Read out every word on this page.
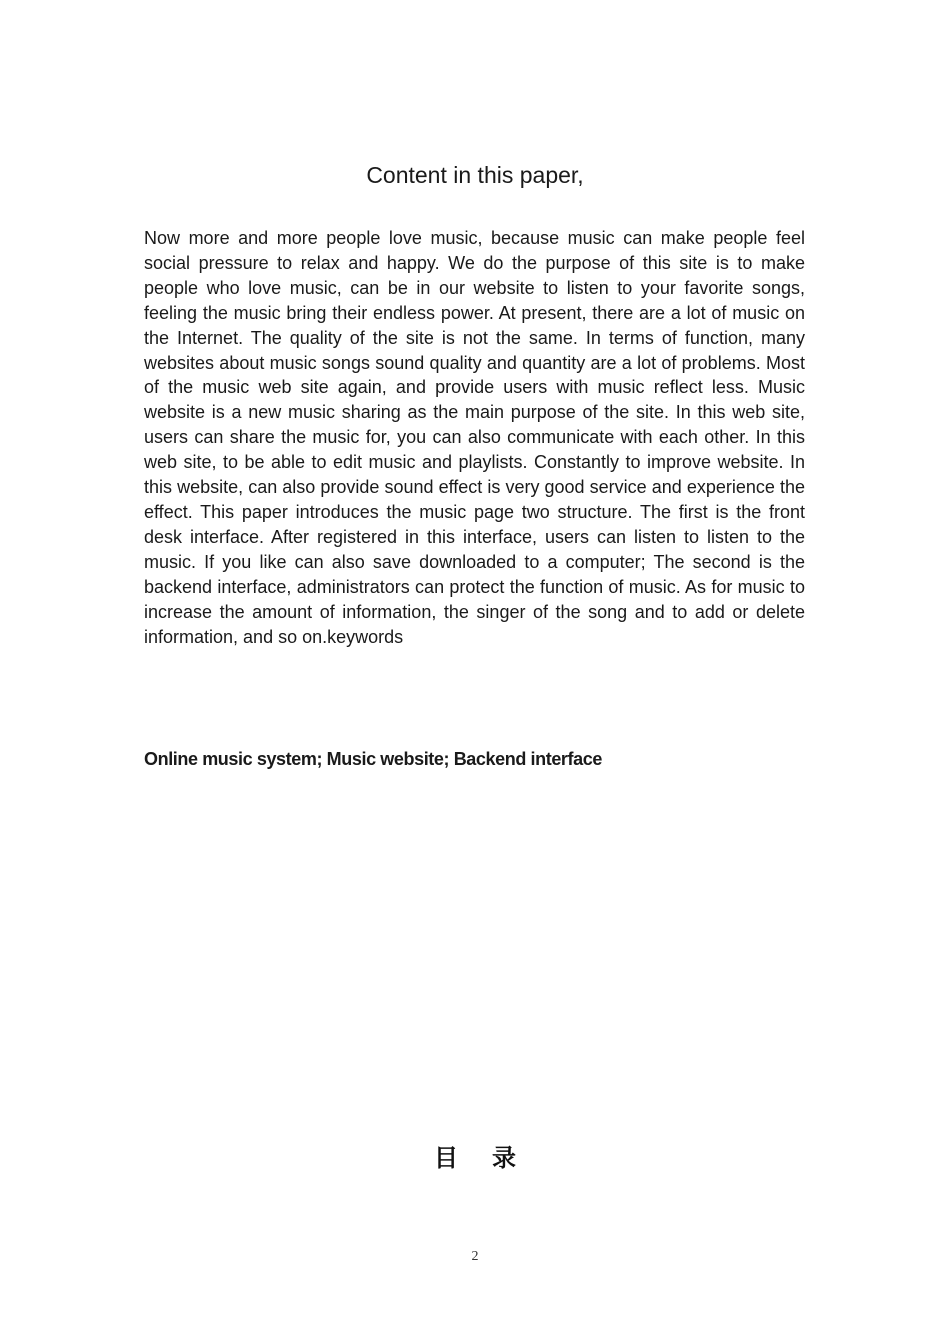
Content in this paper,

Now more and more people love music, because music can make people feel social pressure to relax and happy. We do the purpose of this site is to make people who love music, can be in our website to listen to your favorite songs, feeling the music bring their endless power. At present, there are a lot of music on the Internet. The quality of the site is not the same. In terms of function, many websites about music songs sound quality and quantity are a lot of problems. Most of the music web site again, and provide users with music reflect less. Music website is a new music sharing as the main purpose of the site. In this web site, users can share the music for, you can also communicate with each other. In this web site, to be able to edit music and playlists. Constantly to improve website. In this website, can also provide sound effect is very good service and experience the effect. This paper introduces the music page two structure. The first is the front desk interface. After registered in this interface, users can listen to listen to the music. If you like can also save downloaded to a computer; The second is the backend interface, administrators can protect the function of music. As for music to increase the amount of information, the singer of the song and to add or delete information, and so on.keywords

Online music system; Music website; Backend interface
目录
2
